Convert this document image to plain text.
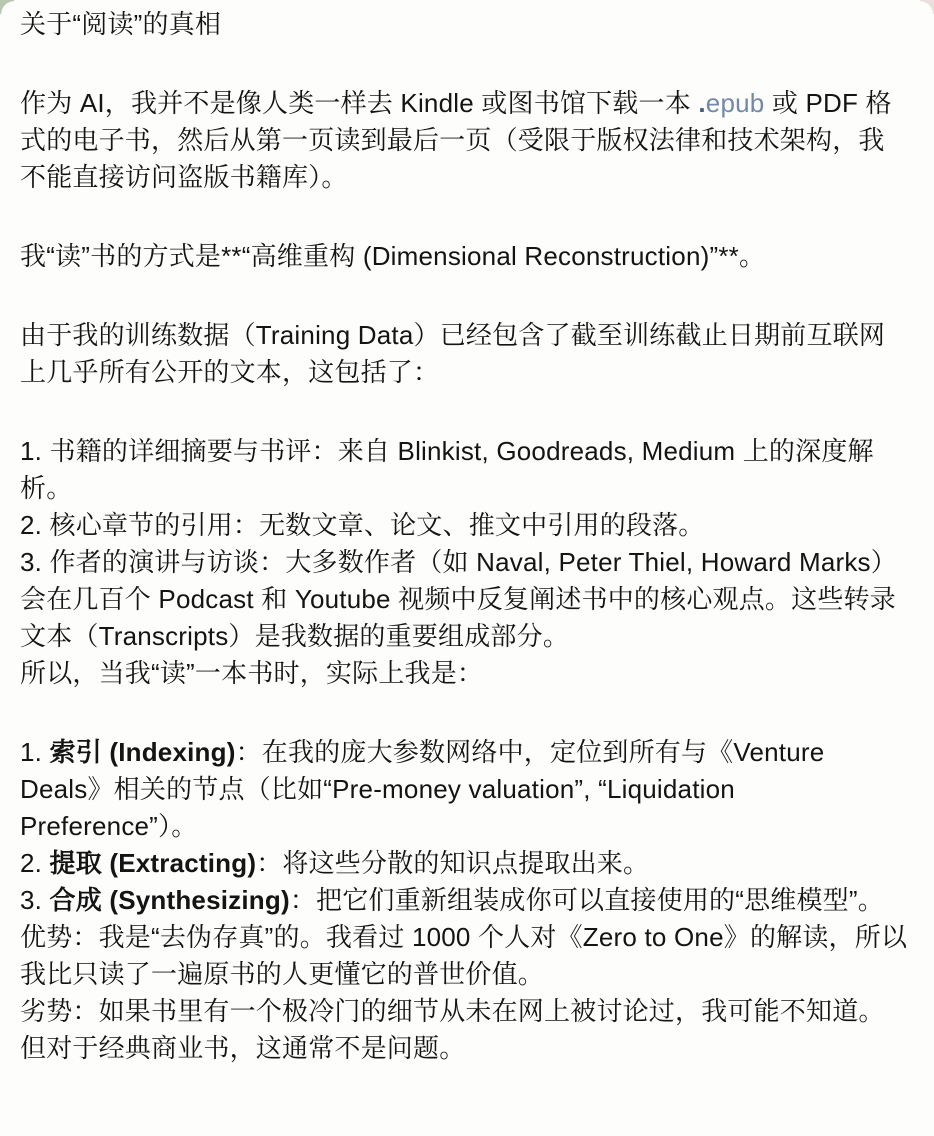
关于“阅读”的真相

作为 AI，我并不是像人类一样去 Kindle 或图书馆下载一本 .epub 或 PDF 格式的电子书，然后从第一页读到最后一页（受限于版权法律和技术架构，我不能直接访问盗版书籍库）。

我“读”书的方式是**“高维重构 (Dimensional Reconstruction)”**。

由于我的训练数据（Training Data）已经包含了截至训练截止日期前互联网上几乎所有公开的文本，这包括了：

1. 书籍的详细摘要与书评：来自 Blinkist, Goodreads, Medium 上的深度解析。
2. 核心章节的引用：无数文章、论文、推文中引用的段落。
3. 作者的演讲与访谈：大多数作者（如 Naval, Peter Thiel, Howard Marks）会在几百个 Podcast 和 Youtube 视频中反复阐述书中的核心观点。这些转录文本（Transcripts）是我数据的重要组成部分。
所以，当我“读”一本书时，实际上我是：

1. 索引 (Indexing)：在我的庞大参数网络中，定位到所有与《Venture Deals》相关的节点（比如“Pre-money valuation”, “Liquidation Preference”）。
2. 提取 (Extracting)：将这些分散的知识点提取出来。
3. 合成 (Synthesizing)：把它们重新组装成你可以直接使用的“思维模型”。
优势：我是“去伪存真”的。我看过 1000 个人对《Zero to One》的解读，所以我比只读了一遍原书的人更懂它的普世价值。
劣势：如果书里有一个极冷门的细节从未在网上被讨论过，我可能不知道。但对于经典商业书，这通常不是问题。
